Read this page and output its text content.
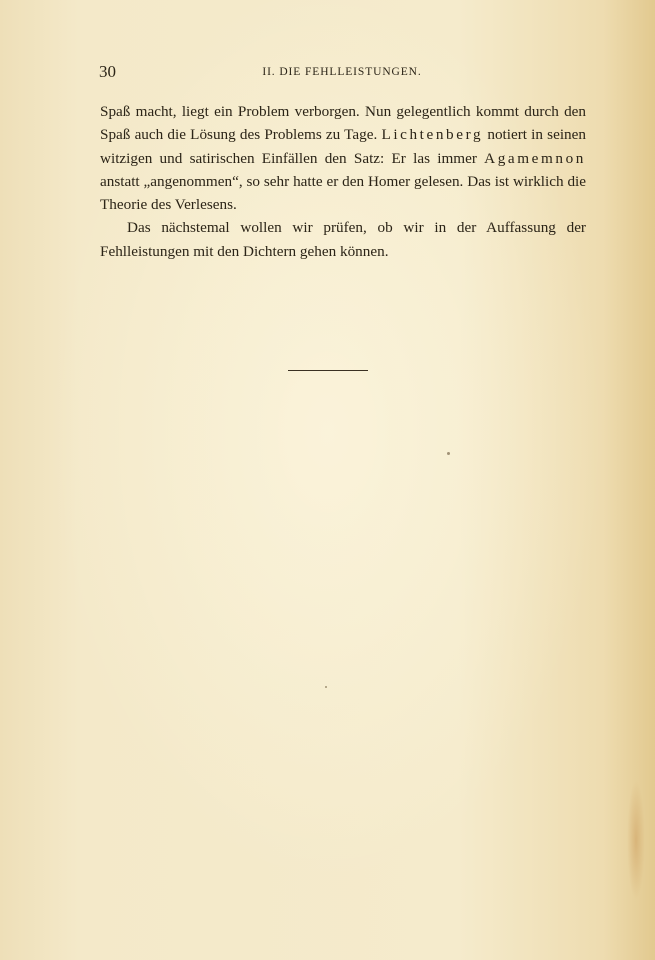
30	II. DIE FEHLLEISTUNGEN.

Spaß macht, liegt ein Problem verborgen. Nun gelegentlich kommt durch den Spaß auch die Lösung des Problems zu Tage. Lichtenberg notiert in seinen witzigen und satirischen Einfällen den Satz: Er las immer Agamemnon anstatt „angenommen“, so sehr hatte er den Homer gelesen. Das ist wirklich die Theorie des Verlesens.

Das nächstemal wollen wir prüfen, ob wir in der Auffassung der Fehlleistungen mit den Dichtern gehen können.
